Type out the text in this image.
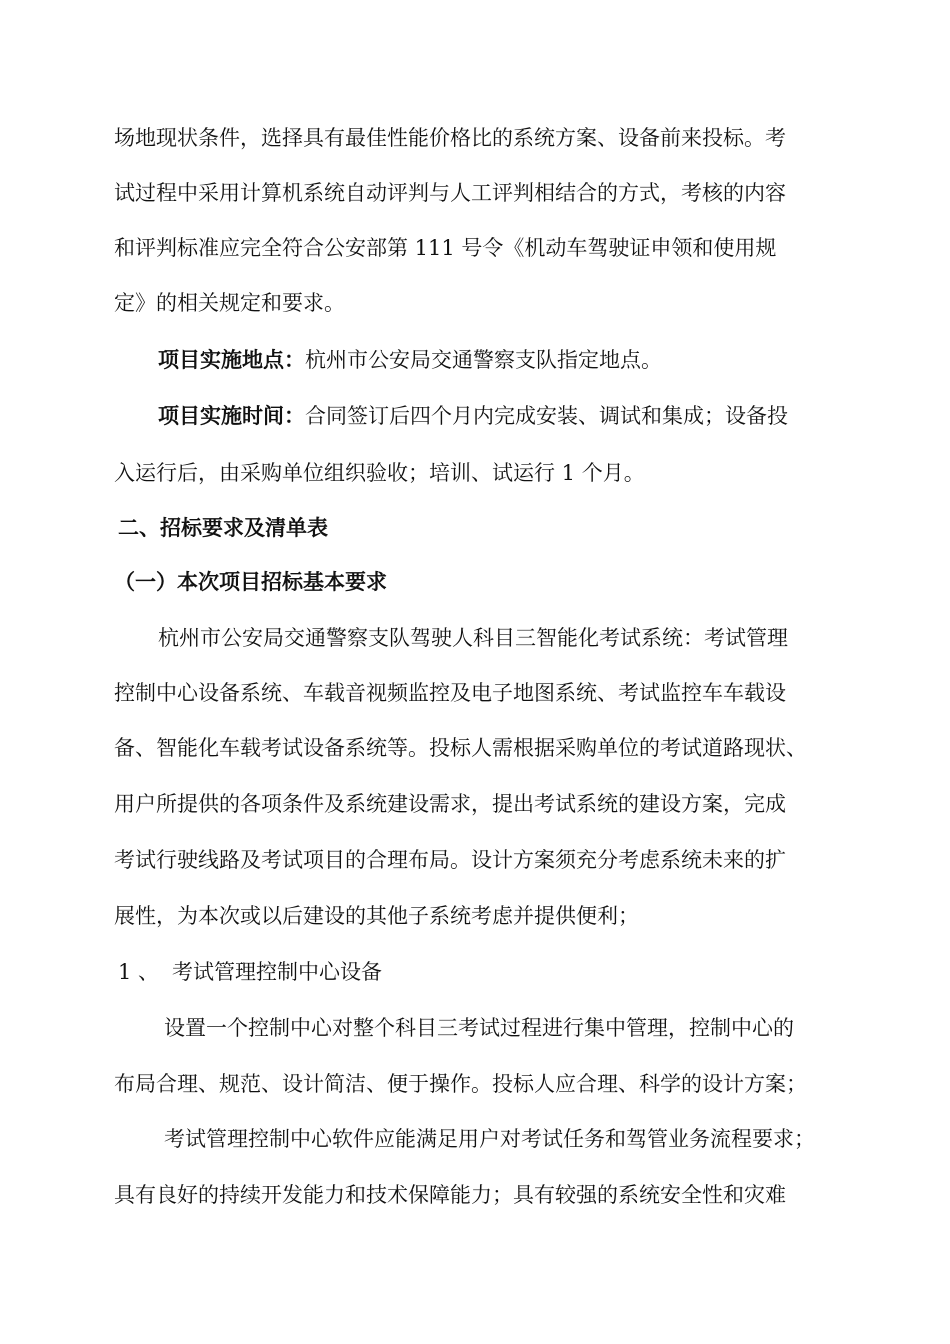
场地现状条件，选择具有最佳性能价格比的系统方案、设备前来投标。考
试过程中采用计算机系统自动评判与人工评判相结合的方式，考核的内容
和评判标准应完全符合公安部第 111 号令《机动车驾驶证申领和使用规
定》的相关规定和要求。
项目实施地点：杭州市公安局交通警察支队指定地点。
项目实施时间：合同签订后四个月内完成安装、调试和集成；设备投
入运行后，由采购单位组织验收；培训、试运行 1 个月。
二、招标要求及清单表
（一）本次项目招标基本要求
杭州市公安局交通警察支队驾驶人科目三智能化考试系统：考试管理
控制中心设备系统、车载音视频监控及电子地图系统、考试监控车车载设
备、智能化车载考试设备系统等。投标人需根据采购单位的考试道路现状、
用户所提供的各项条件及系统建设需求，提出考试系统的建设方案，完成
考试行驶线路及考试项目的合理布局。设计方案须充分考虑系统未来的扩
展性，为本次或以后建设的其他子系统考虑并提供便利；
1 、 考试管理控制中心设备
设置一个控制中心对整个科目三考试过程进行集中管理，控制中心的
布局合理、规范、设计简洁、便于操作。投标人应合理、科学的设计方案；
考试管理控制中心软件应能满足用户对考试任务和驾管业务流程要求；
具有良好的持续开发能力和技术保障能力；具有较强的系统安全性和灾难
